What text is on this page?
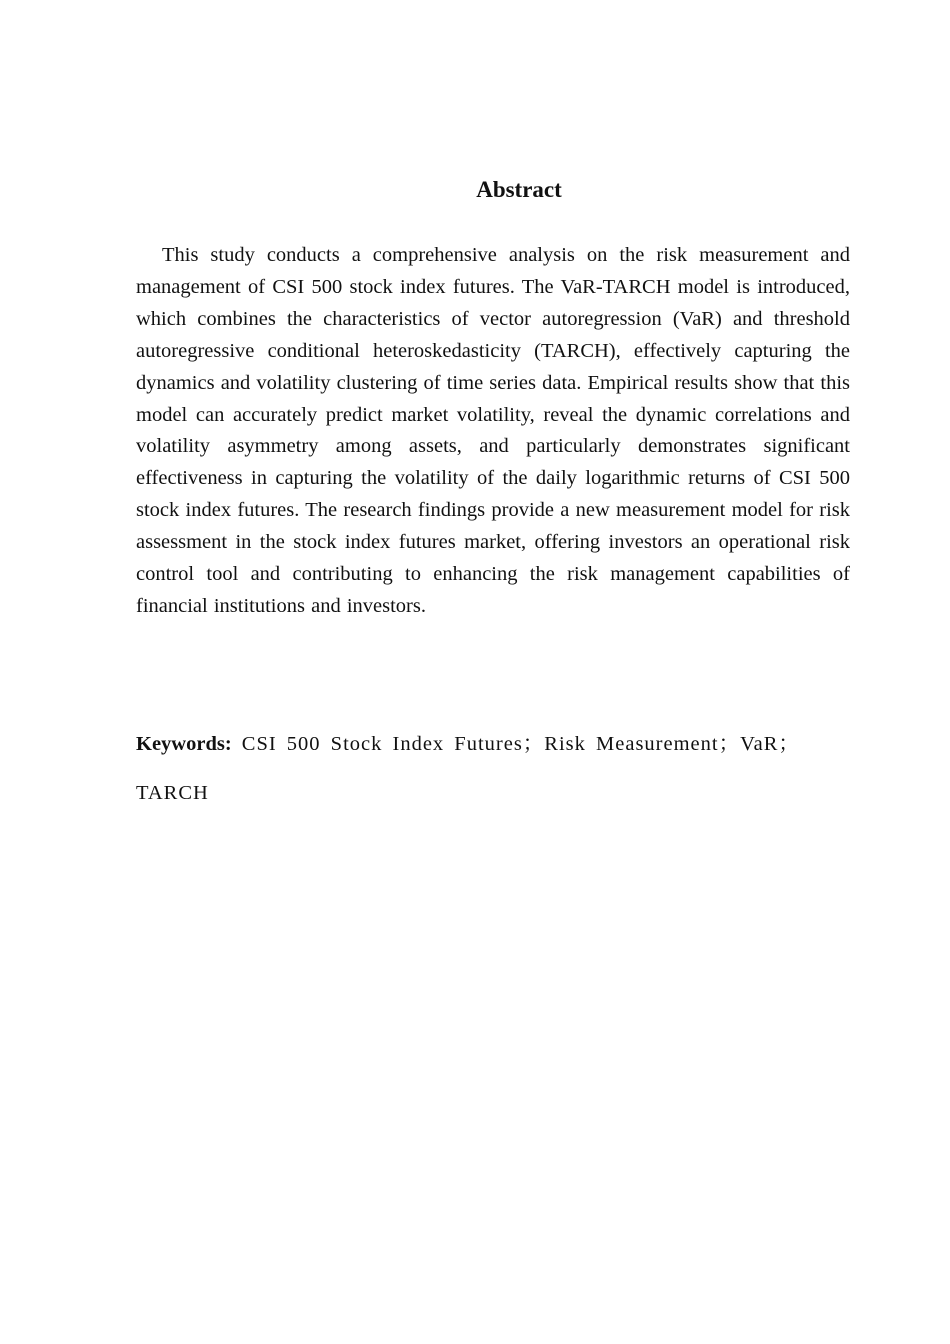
Abstract

This study conducts a comprehensive analysis on the risk measurement and management of CSI 500 stock index futures. The VaR-TARCH model is introduced, which combines the characteristics of vector autoregression (VaR) and threshold autoregressive conditional heteroskedasticity (TARCH), effectively capturing the dynamics and volatility clustering of time series data. Empirical results show that this model can accurately predict market volatility, reveal the dynamic correlations and volatility asymmetry among assets, and particularly demonstrates significant effectiveness in capturing the volatility of the daily logarithmic returns of CSI 500 stock index futures. The research findings provide a new measurement model for risk assessment in the stock index futures market, offering investors an operational risk control tool and contributing to enhancing the risk management capabilities of financial institutions and investors.

Keywords: CSI 500 Stock Index Futures；Risk Measurement；VaR；TARCH
